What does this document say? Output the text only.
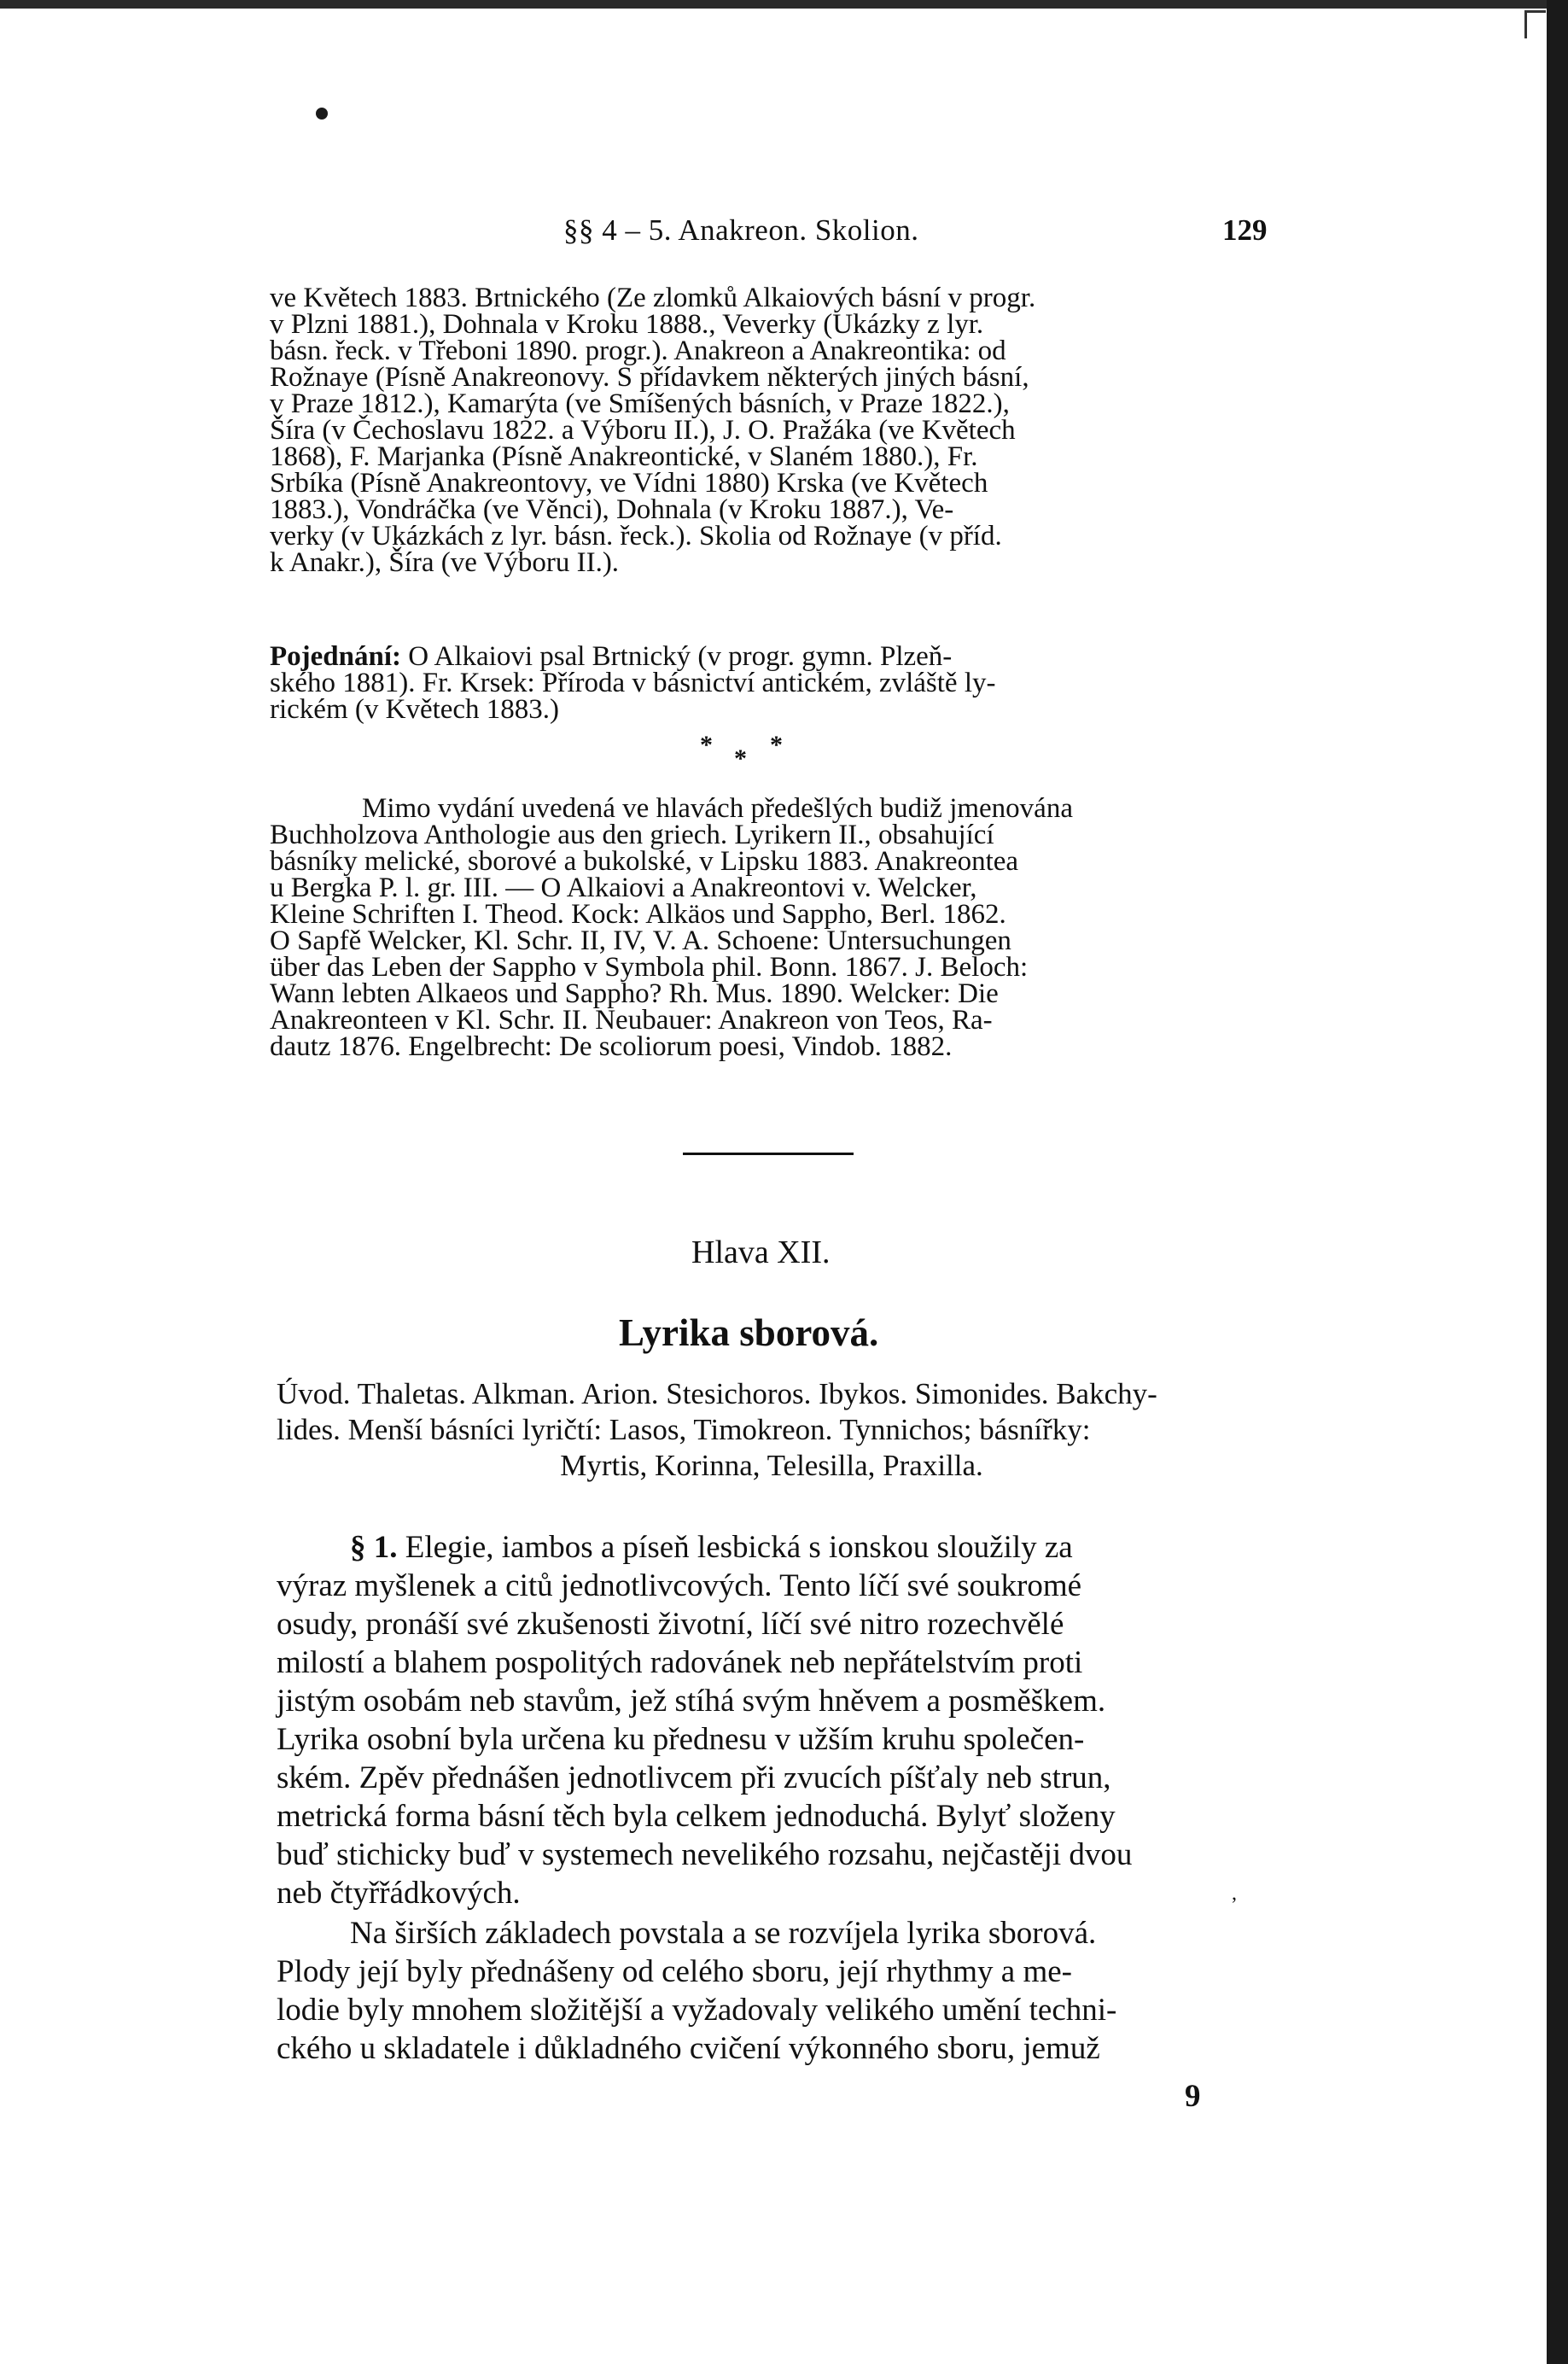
§§ 4 – 5. Anakreon. Skolion.	129
ve Květech 1883. Brtnického (Ze zlomků Alkaiových básní v progr.
v Plzni 1881.), Dohnala v Kroku 1888., Veverky (Ukázky z lyr.
básn. řeck. v Třeboni 1890. progr.). Anakreon a Anakreontika: od
Rožnaye (Písně Anakreonovy. S přídavkem některých jiných básní,
v Praze 1812.), Kamarýta (ve Smíšených básních, v Praze 1822.),
Šíra (v Čechoslavu 1822. a Výboru II.), J. O. Pražáka (ve Květech
1868), F. Marjanka (Písně Anakreontické, v Slaném 1880.), Fr.
Srbíka (Písně Anakreontovy, ve Vídni 1880) Krska (ve Květech
1883.), Vondráčka (ve Věnci), Dohnala (v Kroku 1887.), Ve-
verky (v Ukázkách z lyr. básn. řeck.). Skolia od Rožnaye (v příd.
k Anakr.), Šíra (ve Výboru II.).
Pojednání: O Alkaiovi psal Brtnický (v progr. gymn. Plzeň-
ského 1881). Fr. Krsek: Příroda v básnictví antickém, zvláště ly-
rickém (v Květech 1883.)
* * *
Mimo vydání uvedená ve hlavách předešlých budiž jmenována
Buchholzova Anthologie aus den griech. Lyrikern II., obsahující
básníky melické, sborové a bukolské, v Lipsku 1883. Anakreontea
u Bergka P. l. gr. III. — O Alkaiovi a Anakreontovi v. Welcker,
Kleine Schriften I. Theod. Kock: Alkäos und Sappho, Berl. 1862.
O Sapfě Welcker, Kl. Schr. II, IV, V. A. Schoene: Untersuchungen
über das Leben der Sappho v Symbola phil. Bonn. 1867. J. Beloch:
Wann lebten Alkaeos und Sappho? Rh. Mus. 1890. Welcker: Die
Anakreonteen v Kl. Schr. II. Neubauer: Anakreon von Teos, Ra-
dautz 1876. Engelbrecht: De scoliorum poesi, Vindob. 1882.
Hlava XII.
Lyrika sborová.
Úvod. Thaletas. Alkman. Arion. Stesichoros. Ibykos. Simonides. Bakchy-
lides. Menší básníci lyričtí: Lasos, Timokreon. Tynnichos; básnířky:
Myrtis, Korinna, Telesilla, Praxilla.
§ 1. Elegie, iambos a píseň lesbická s ionskou sloužily za
výraz myšlenek a citů jednotlivcových. Tento líčí své soukromé
osudy, pronáší své zkušenosti životní, líčí své nitro rozechvělé
milostí a blahem pospolitých radovánek neb nepřátelstvím proti
jistým osobám neb stavům, jež stíhá svým hněvem a posměškem.
Lyrika osobní byla určena ku přednesu v užším kruhu společen-
ském. Zpěv přednášen jednotlivcem při zvucích píšťaly neb strun,
metrická forma básní těch byla celkem jednoduchá. Bylyť složeny
buď stichicky buď v systemech nevelikého rozsahu, nejčastěji dvou
neb čtyřřádkových.	,
Na širších základech povstala a se rozvíjela lyrika sborová.
Plody její byly přednášeny od celého sboru, její rhythmy a me-
lodie byly mnohem složitější a vyžadovaly velikého umění techni-
ckého u skladatele i důkladného cvičení výkonného sboru, jemuž
9
